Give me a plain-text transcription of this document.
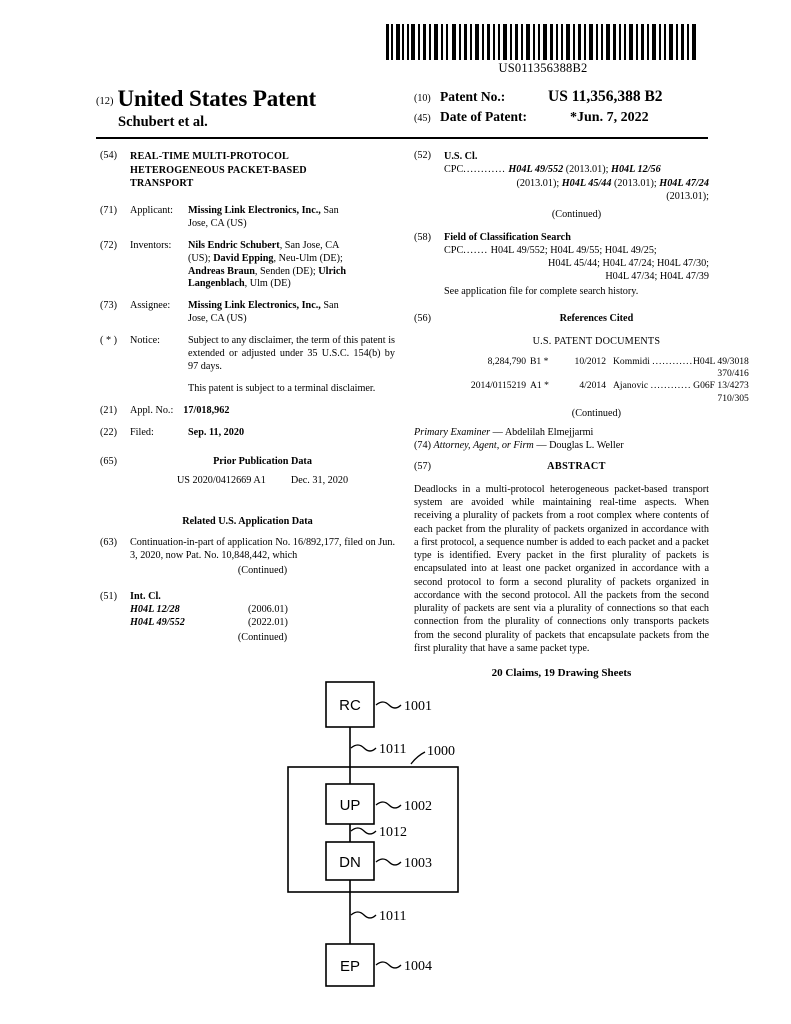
US011356388B2
(12) United States Patent
Schubert et al.
(10) Patent No.:	US 11,356,388 B2
(45) Date of Patent:	*Jun. 7, 2022
(54)	REAL-TIME MULTI-PROTOCOL
HETEROGENEOUS PACKET-BASED
TRANSPORT
(71)	Applicant:	Missing Link Electronics, Inc., San
Jose, CA (US)
(72)	Inventors:	Nils Endric Schubert, San Jose, CA
(US); David Epping, Neu-Ulm (DE);
Andreas Braun, Senden (DE); Ulrich
Langenblach, Ulm (DE)
(73)	Assignee:	Missing Link Electronics, Inc., San
Jose, CA (US)
( * )	Notice:	Subject to any disclaimer, the term of this patent is extended or adjusted under 35 U.S.C. 154(b) by 97 days.
This patent is subject to a terminal disclaimer.
(21)	Appl. No.: 17/018,962
(22)	Filed:	Sep. 11, 2020
(65)	Prior Publication Data
US 2020/0412669 A1 Dec. 31, 2020
Related U.S. Application Data
(63)	Continuation-in-part of application No. 16/892,177, filed on Jun. 3, 2020, now Pat. No. 10,848,442, which
(Continued)
(51)	Int. Cl.
H04L 12/28	(2006.01)
H04L 49/552	(2022.01)
(Continued)
(52)	U.S. Cl.
CPC............ H04L 49/552 (2013.01); H04L 12/56
(2013.01); H04L 45/44 (2013.01); H04L 47/24
(2013.01);
(Continued)
(58)	Field of Classification Search
CPC....... H04L 49/552; H04L 49/55; H04L 49/25;
H04L 45/44; H04L 47/24; H04L 47/30;
H04L 47/34; H04L 47/39
See application file for complete search history.
(56)	References Cited
U.S. PATENT DOCUMENTS
8,284,790 B1 *	10/2012 Kommidi ............ H04L 49/3018
370/416
2014/0115219 A1 *	4/2014 Ajanovic ............ G06F 13/4273
710/305
(Continued)
Primary Examiner — Abdelilah Elmejjarmi
(74) Attorney, Agent, or Firm — Douglas L. Weller
(57)	ABSTRACT
Deadlocks in a multi-protocol heterogeneous packet-based transport system are avoided while maintaining real-time aspects. When receiving a plurality of packets from a root complex where contents of each packet from the plurality of packets organized in accordance with a first protocol, a sequence number is added to each packet and a packet type is identified. Every packet in the first plurality of packets is encapsulated into at least one packet organized in accordance with a second protocol to form a second plurality of packets organized in accordance with the second protocol. All the packets from the second plurality of packets are sent via a plurality of connections so that each connection from the plurality of connections only transports packets from the second plurality of packets that encapsulate packets from the first plurality that have a same packet type.
20 Claims, 19 Drawing Sheets
RC	1001
1011 1000
UP	1002
1012
DN	1003
1011
EP	1004
